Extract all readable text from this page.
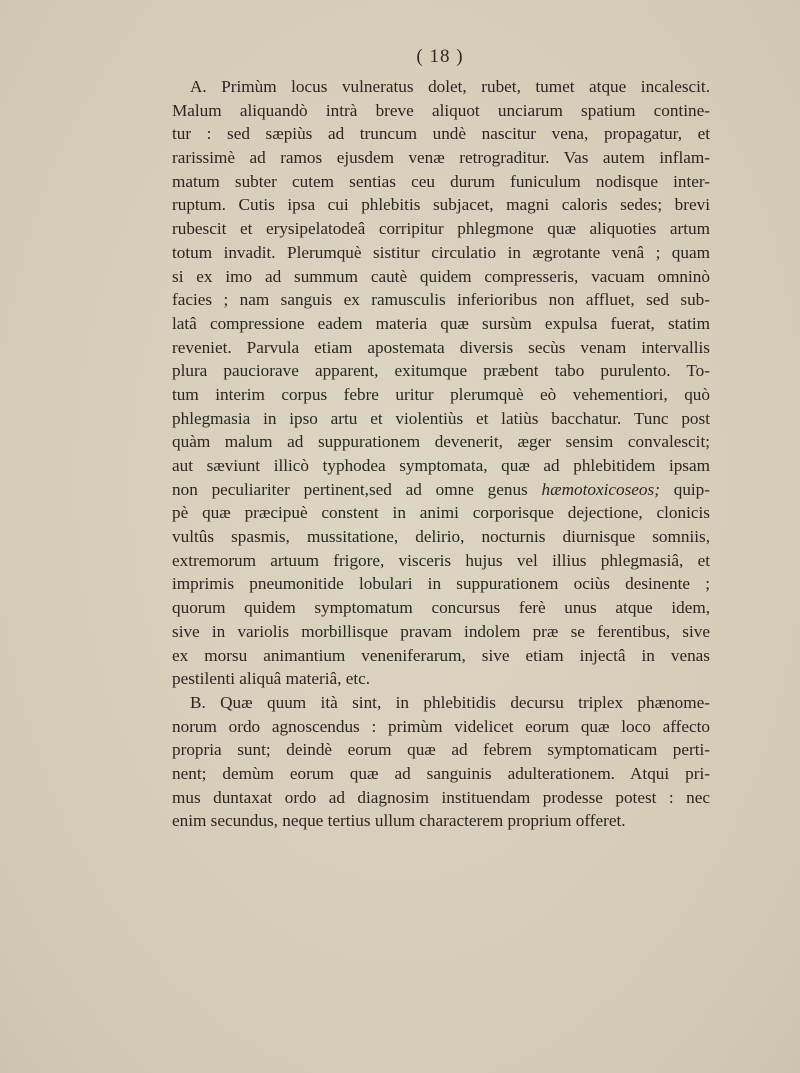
( 18 )
A. Primùm locus vulneratus dolet, rubet, tumet atque incalescit.
Malum aliquandò intrà breve aliquot unciarum spatium contine-
tur : sed sæpiùs ad truncum undè nascitur vena, propagatur, et
rarissimè ad ramos ejusdem venæ retrograditur. Vas autem inflam-
matum subter cutem sentias ceu durum funiculum nodisque inter-
ruptum. Cutis ipsa cui phlebitis subjacet, magni caloris sedes; brevi
rubescit et erysipelatodeâ corripitur phlegmone quæ aliquoties artum
totum invadit. Plerumquè sistitur circulatio in ægrotante venâ ; quam
si ex imo ad summum cautè quidem compresseris, vacuam omninò
facies ; nam sanguis ex ramusculis inferioribus non affluet, sed sub-
latâ compressione eadem materia quæ sursùm expulsa fuerat, statim
reveniet. Parvula etiam apostemata diversis secùs venam intervallis
plura pauciorave apparent, exitumque præbent tabo purulento. To-
tum interim corpus febre uritur plerumquè eò vehementiori, quò
phlegmasia in ipso artu et violentiùs et latiùs bacchatur. Tunc post
quàm malum ad suppurationem devenerit, æger sensim convalescit;
aut sæviunt illicò typhodea symptomata, quæ ad phlebitidem ipsam
non peculiariter pertinent,sed ad omne genus hæmotoxicoseos; quip-
pè quæ præcipuè constent in animi corporisque dejectione, clonicis
vultûs spasmis, mussitatione, delirio, nocturnis diurnisque somniis,
extremorum artuum frigore, visceris hujus vel illius phlegmasiâ, et
imprimis pneumonitide lobulari in suppurationem ociùs desinente ;
quorum quidem symptomatum concursus ferè unus atque idem,
sive in variolis morbillisque pravam indolem præ se ferentibus, sive
ex morsu animantium veneniferarum, sive etiam injectâ in venas
pestilenti aliquâ materiâ, etc.
B. Quæ quum ità sint, in phlebitidis decursu triplex phænome-
norum ordo agnoscendus : primùm videlicet eorum quæ loco affecto
propria sunt; deindè eorum quæ ad febrem symptomaticam perti-
nent; demùm eorum quæ ad sanguinis adulterationem. Atqui pri-
mus duntaxat ordo ad diagnosim instituendam prodesse potest : nec
enim secundus, neque tertius ullum characterem proprium offeret.
